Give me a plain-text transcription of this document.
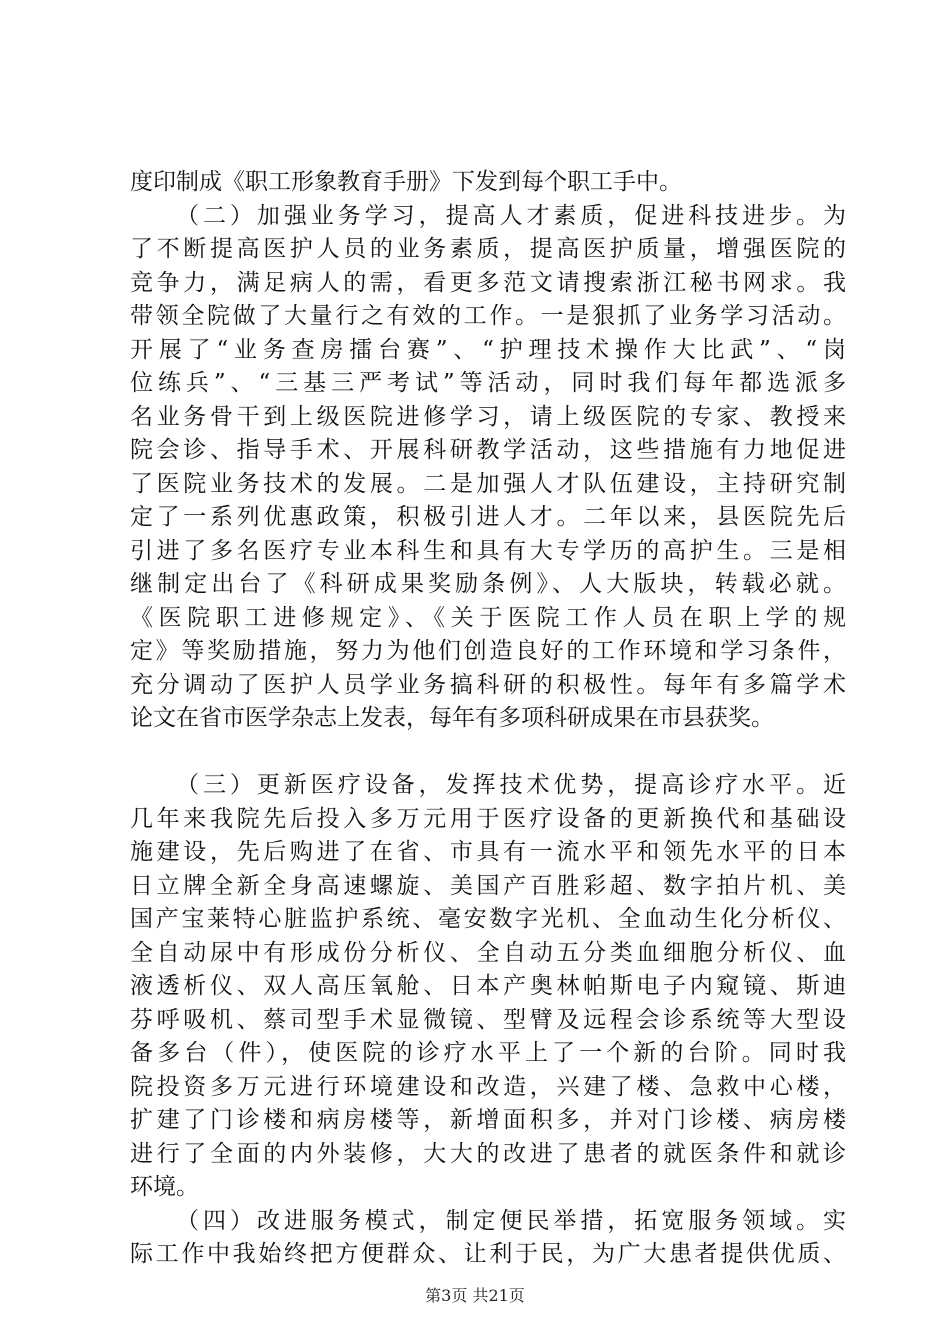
度印制成《职工形象教育手册》下发到每个职工手中。
（二）加强业务学习，提高人才素质，促进科技进步。为
了不断提高医护人员的业务素质，提高医护质量，增强医院的
竞争力，满足病人的需，看更多范文请搜索浙江秘书网求。我
带领全院做了大量行之有效的工作。一是狠抓了业务学习活动。
开展了“业务查房擂台赛”、“护理技术操作大比武”、“岗
位练兵”、“三基三严考试”等活动，同时我们每年都选派多
名业务骨干到上级医院进修学习，请上级医院的专家、教授来
院会诊、指导手术、开展科研教学活动，这些措施有力地促进
了医院业务技术的发展。二是加强人才队伍建设，主持研究制
定了一系列优惠政策，积极引进人才。二年以来，县医院先后
引进了多名医疗专业本科生和具有大专学历的高护生。三是相
继制定出台了《科研成果奖励条例》、人大版块，转载必就。
《医院职工进修规定》、《关于医院工作人员在职上学的规
定》等奖励措施，努力为他们创造良好的工作环境和学习条件，
充分调动了医护人员学业务搞科研的积极性。每年有多篇学术
论文在省市医学杂志上发表，每年有多项科研成果在市县获奖。
（三）更新医疗设备，发挥技术优势，提高诊疗水平。近
几年来我院先后投入多万元用于医疗设备的更新换代和基础设
施建设，先后购进了在省、市具有一流水平和领先水平的日本
日立牌全新全身高速螺旋、美国产百胜彩超、数字拍片机、美
国产宝莱特心脏监护系统、毫安数字光机、全血动生化分析仪、
全自动尿中有形成份分析仪、全自动五分类血细胞分析仪、血
液透析仪、双人高压氧舱、日本产奥林帕斯电子内窥镜、斯迪
芬呼吸机、蔡司型手术显微镜、型臂及远程会诊系统等大型设
备多台（件），使医院的诊疗水平上了一个新的台阶。同时我
院投资多万元进行环境建设和改造，兴建了楼、急救中心楼，
扩建了门诊楼和病房楼等，新增面积多，并对门诊楼、病房楼
进行了全面的内外装修，大大的改进了患者的就医条件和就诊
环境。
（四）改进服务模式，制定便民举措，拓宽服务领域。实
际工作中我始终把方便群众、让利于民，为广大患者提供优质、
第3页 共21页
